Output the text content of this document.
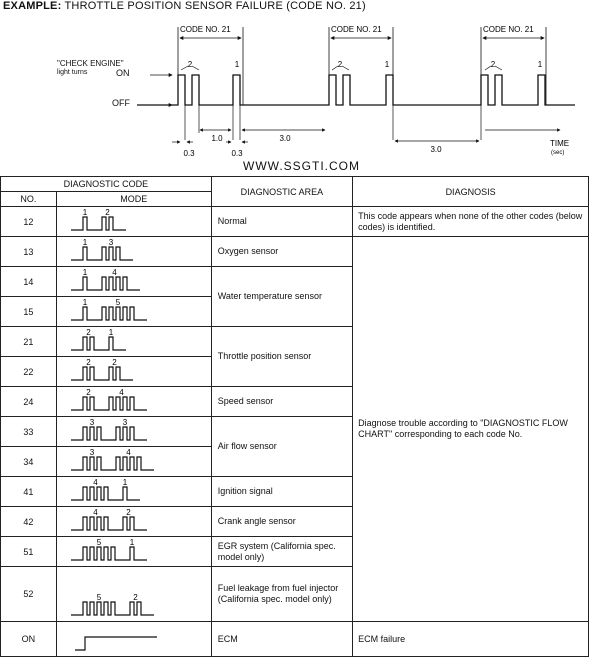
EXAMPLE: THROTTLE POSITION SENSOR FAILURE (CODE NO. 21)
CODE NO. 21	CODE NO. 21	CODE NO. 21
2	1	2	1	2	1
0.3
1.0
0.3
3.0
3.0
TIME
(sec)
"CHECK ENGINE"
light turns	ON
OFF
WWW.SSGTI.COM
DIAGNOSTIC CODE		DIAGNOSTIC AREA	DIAGNOSIS
NO.	MODE		
12	1 2	Normal	This code appears when none of the other codes (below codes) is identified.
13	1 3	Oxygen sensor	Diagnose trouble according to "DIAGNOSTIC FLOW CHART" corresponding to each code No.
14	1 4	Water temperature sensor	
15	1 5		

21	2 1	Throttle position sensor	
22	2 2		

24	2 4	Speed sensor	
33	3 3	Air flow sensor	
34	3 4		

41	4 1	Ignition signal	
42	4 2	Crank angle sensor	
51	5 1	EGR system (California spec. model only)	
52	5 2	Fuel leakage from fuel injector (California spec. model only)	
ON		ECM	ECM failure
